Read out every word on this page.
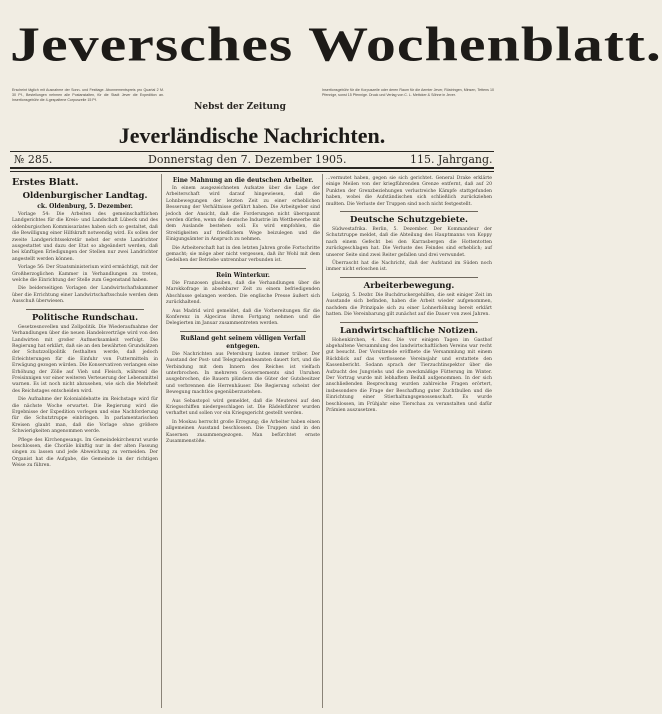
Jeversches Wochenblatt.
Erscheint täglich mit Ausnahme der Sonn- und Festtage. Abonnementspreis pro Quartal 2 M. 30 Pf., Bestellungen nehmen alle Postanstalten, für die Stadt Jever die Expedition an. Insertionsgebühr die 4-gespaltene Corpuszeile 15 Pf.
Nebst der Zeitung
Insertionsgebühr für die Korpuszeile oder deren Raum für die Aemter Jever, Rüstringen, Minsen, Tettens 10 Pfennige, sonst 15 Pfennige. Druck und Verlag von C. L. Mettcker & Söhne in Jever.
Jeverländische Nachrichten.
№ 285.	Donnerstag den 7. Dezember 1905.	115. Jahrgang.
Erstes Blatt.
Oldenburgischer Landtag.
ck. Oldenburg, 5. Dezember.
Vorlage 54: Die Arbeiten des gemeinschaftlichen Landgerichtes für die Kreis- und Landschaft Lübeck und des oldenburgischen Kommissariates haben sich so gestaltet, daß die Bewilligung einer Hilfskraft notwendig wird. Es sollen der zweite Landgerichtssekretär nebst der erste Landrichter ausgestattet und dazu der Etat so abgeändert werden, daß bei künftigen Erledigungen der Stellen nur zwei Landrichter angestellt werden können.
Vorlage 56: Der Staatsministerium wird ermächtigt, mit der Großherzoglichen Kammer in Verhandlungen zu treten, welche die Einrichtung der Stelle zum Gegenstand haben.
Die beiderseitigen Vorlagen der Landwirtschaftskammer über die Errichtung einer Landwirtschaftsschule werden dem Ausschuß überwiesen.
Politische Rundschau.
Gesetzesnovellen und Zollpolitik. Die Wiederaufnahme der Verhandlungen über die neuen Handelsverträge wird von den Landwirten mit großer Aufmerksamkeit verfolgt. Die Regierung hat erklärt, daß sie an den bewährten Grundsätzen der Schutzzollpolitik festhalten werde, daß jedoch Erleichterungen für die Einfuhr von Futtermitteln in Erwägung gezogen würden. Die Konservativen verlangen eine Erhöhung der Zölle auf Vieh und Fleisch, während die Freisinnigen vor einer weiteren Verteuerung der Lebensmittel warnen. Es ist noch nicht abzusehen, wie sich die Mehrheit des Reichstages entscheiden wird.
Die Aufnahme der Kolonialdebatte im Reichstage wird für die nächste Woche erwartet. Die Regierung wird die Ergebnisse der Expedition vorlegen und eine Nachforderung für die Schutztruppe einbringen. In parlamentarischen Kreisen glaubt man, daß die Vorlage ohne größere Schwierigkeiten angenommen werde.
Pflege des Kirchengesangs. Im Gemeindekirchenrat wurde beschlossen, die Choräle künftig nur in der alten Fassung singen zu lassen und jede Abweichung zu vermeiden. Der Organist hat die Aufgabe, die Gemeinde in der richtigen Weise zu führen.
Eine Mahnung an die deutschen Arbeiter.
In einem ausgezeichneten Aufsatze über die Lage der Arbeiterschaft wird darauf hingewiesen, daß die Lohnbewegungen der letzten Zeit zu einer erheblichen Besserung der Verhältnisse geführt haben. Die Arbeitgeber sind jedoch der Ansicht, daß die Forderungen nicht überspannt werden dürfen, wenn die deutsche Industrie im Wettbewerbe mit dem Auslande bestehen soll. Es wird empfohlen, die Streitigkeiten auf friedlichem Wege beizulegen und die Einigungsämter in Anspruch zu nehmen.
Die Arbeiterschaft hat in den letzten Jahren große Fortschritte gemacht; sie möge aber nicht vergessen, daß ihr Wohl mit dem Gedeihen der Betriebe untrennbar verbunden ist.
Rein Winterkur.
Die Franzosen glauben, daß die Verhandlungen über die Marokkofrage in absehbarer Zeit zu einem befriedigenden Abschlusse gelangen werden. Die englische Presse äußert sich zurückhaltend.
Aus Madrid wird gemeldet, daß die Vorbereitungen für die Konferenz in Algeciras ihren Fortgang nehmen und die Delegierten im Januar zusammentreten werden.
Rußland geht seinem völligen Verfall entgegen.
Die Nachrichten aus Petersburg lauten immer trüber. Der Ausstand der Post- und Telegraphenbeamten dauert fort, und die Verbindung mit dem Innern des Reiches ist vielfach unterbrochen. In mehreren Gouvernements sind Unruhen ausgebrochen, die Bauern plündern die Güter der Gutsbesitzer und verbrennen die Herrenhäuser. Die Regierung scheint der Bewegung machtlos gegenüberzustehen.
Aus Sebastopol wird gemeldet, daß die Meuterei auf den Kriegsschiffen niedergeschlagen ist. Die Rädelsführer wurden verhaftet und sollen vor ein Kriegsgericht gestellt werden.
In Moskau herrscht große Erregung; die Arbeiter haben einen allgemeinen Ausstand beschlossen. Die Truppen sind in den Kasernen zusammengezogen. Man befürchtet ernste Zusammenstöße.
...vermutet haben, gegen sie sich gerichtet. General Drake erklärte einige Meilen von der kriegführenden Grenze entfernt, daß auf 20 Punkten der Grenzbeziehungen verlustreiche Kämpfe stattgefunden haben, wobei die Aufständischen sich schließlich zurückziehen mußten. Die Verluste der Truppen sind noch nicht festgestellt.
Deutsche Schutzgebiete.
Südwestafrika. Berlin, 5. Dezember. Der Kommandeur der Schutztruppe meldet, daß die Abteilung des Hauptmanns von Koppy nach einem Gefecht bei den Karrasbergen die Hottentotten zurückgeschlagen hat. Die Verluste des Feindes sind erheblich; auf unserer Seite sind zwei Reiter gefallen und drei verwundet.
Überrascht hat die Nachricht, daß der Aufstand im Süden noch immer nicht erloschen ist.
Arbeiterbewegung.
Leipzig, 5. Dezbr. Die Buchdruckergehilfen, die seit einiger Zeit im Ausstande sich befinden, haben die Arbeit wieder aufgenommen, nachdem die Prinzipale sich zu einer Lohnerhöhung bereit erklärt hatten. Die Vereinbarung gilt zunächst auf die Dauer von zwei Jahren.
Landwirtschaftliche Notizen.
Hohenkirchen, 4. Dez. Die vor einigen Tagen im Gasthof abgehaltene Versammlung des landwirtschaftlichen Vereins war recht gut besucht. Der Vorsitzende eröffnete die Versammlung mit einem Rückblick auf das verflossene Vereinsjahr und erstattete den Kassenbericht. Sodann sprach der Tierzuchtinspektor über die Aufzucht des Jungviehs und die zweckmäßige Fütterung im Winter. Der Vortrag wurde mit lebhaftem Beifall aufgenommen. In der sich anschließenden Besprechung wurden zahlreiche Fragen erörtert, insbesondere die Frage der Beschaffung guter Zuchtbullen und die Einrichtung einer Stierhaltungsgenossenschaft. Es wurde beschlossen, im Frühjahr eine Tierschau zu veranstalten und dafür Prämien auszusetzen.
